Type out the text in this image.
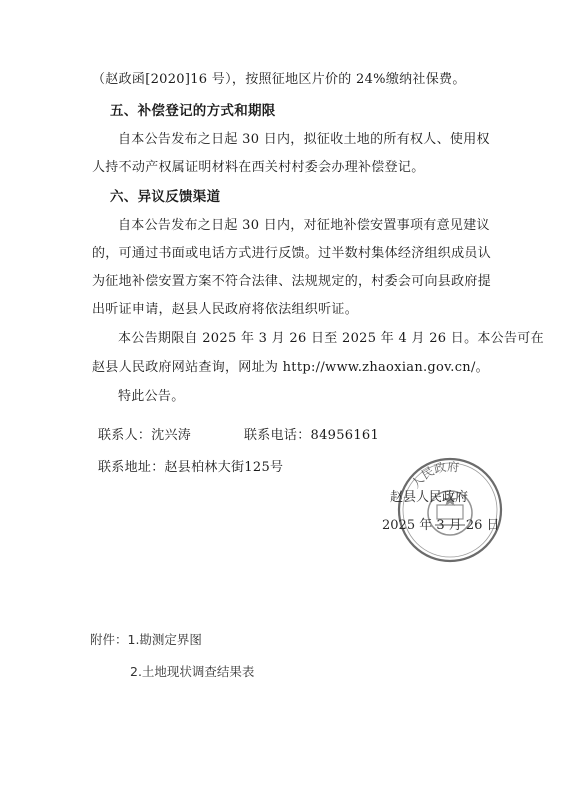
（赵政函[2020]16 号），按照征地区片价的 24%缴纳社保费。
五、补偿登记的方式和期限
自本公告发布之日起 30 日内，拟征收土地的所有权人、使用权
人持不动产权属证明材料在西关村村委会办理补偿登记。
六、异议反馈渠道
自本公告发布之日起 30 日内，对征地补偿安置事项有意见建议
的，可通过书面或电话方式进行反馈。过半数村集体经济组织成员认
为征地补偿安置方案不符合法律、法规规定的，村委会可向县政府提
出听证申请，赵县人民政府将依法组织听证。
本公告期限自 2025 年 3 月 26 日至 2025 年 4 月 26 日。本公告可在
赵县人民政府网站查询，网址为 http://www.zhaoxian.gov.cn/。
特此公告。
联系人：沈兴涛	联系电话：84956161
联系地址：赵县柏林大街125号
人民政府
赵县人民政府
2025 年 3 月 26 日
附件：1.勘测定界图
2.土地现状调查结果表
